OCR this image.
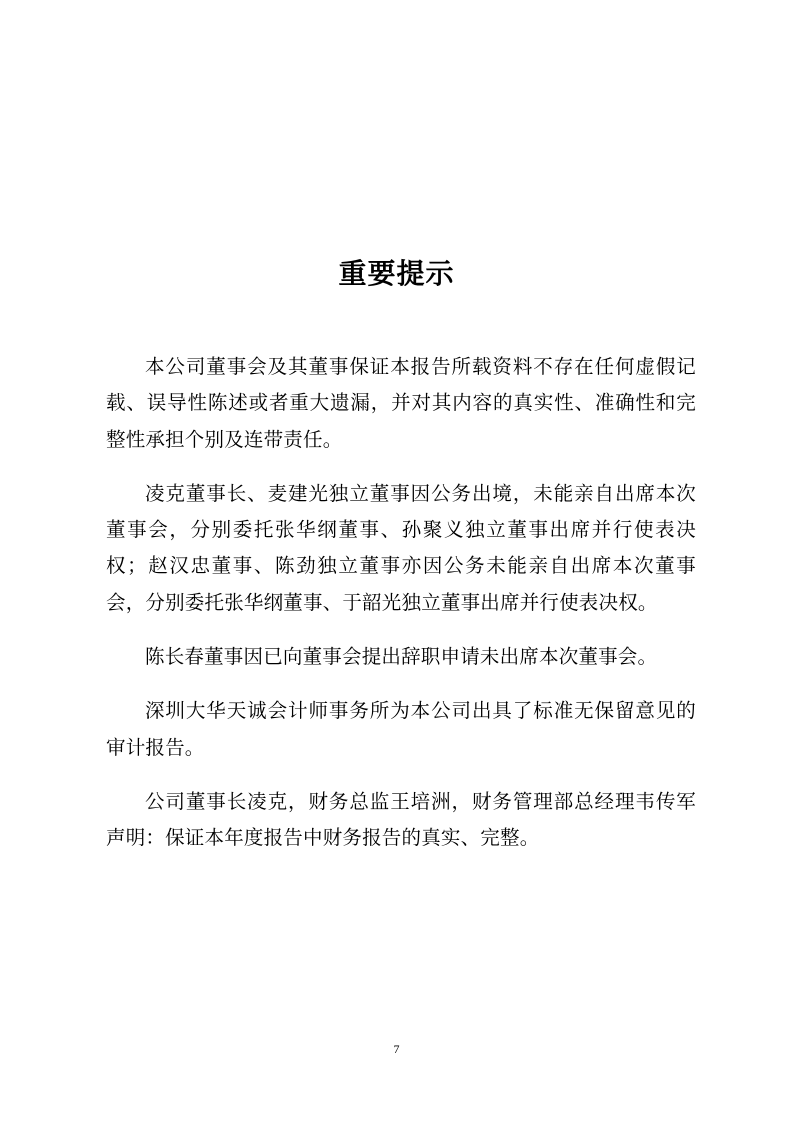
重要提示

本公司董事会及其董事保证本报告所载资料不存在任何虚假记载、误导性陈述或者重大遗漏，并对其内容的真实性、准确性和完整性承担个别及连带责任。

凌克董事长、麦建光独立董事因公务出境，未能亲自出席本次董事会，分别委托张华纲董事、孙聚义独立董事出席并行使表决权；赵汉忠董事、陈劲独立董事亦因公务未能亲自出席本次董事会，分别委托张华纲董事、于韶光独立董事出席并行使表决权。

陈长春董事因已向董事会提出辞职申请未出席本次董事会。

深圳大华天诚会计师事务所为本公司出具了标准无保留意见的审计报告。

公司董事长凌克，财务总监王培洲，财务管理部总经理韦传军声明：保证本年度报告中财务报告的真实、完整。

7
